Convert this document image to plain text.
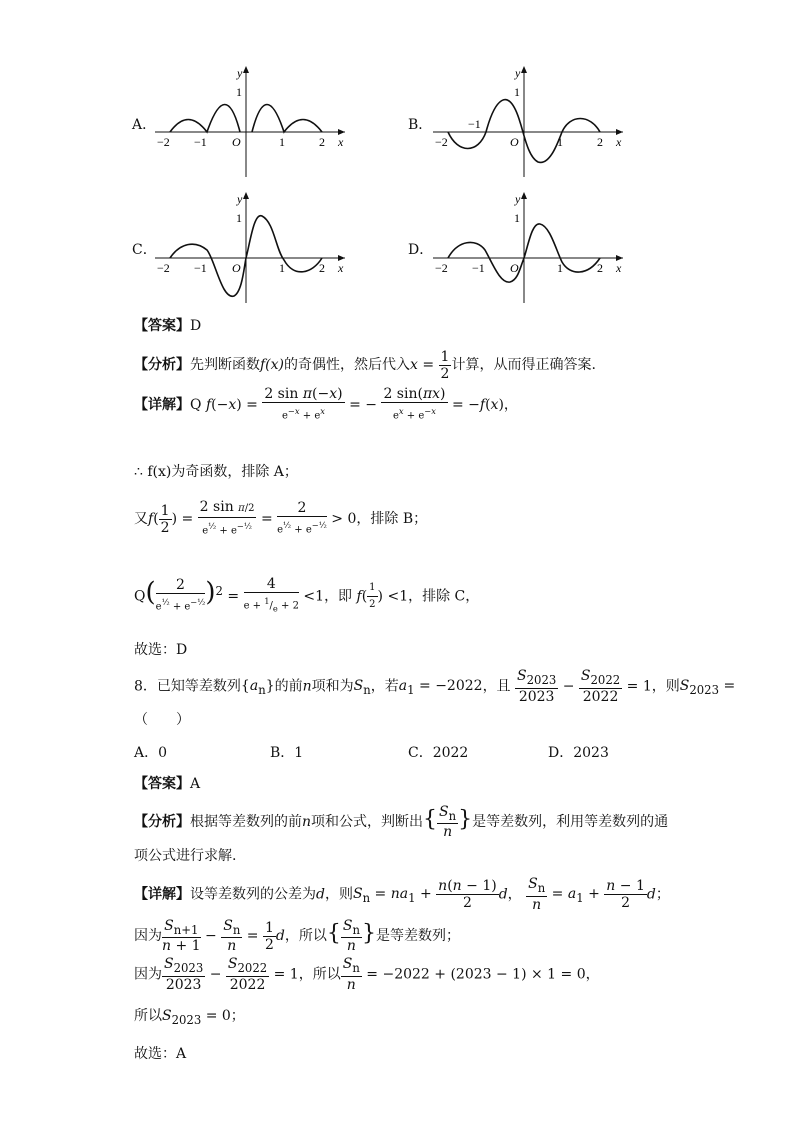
A．	B．
C．	D．
y
x
1
O
−2 −1	1	2
y
x
1
−1
O
−2	1	2
y
x
1
O
−2 −1	1	2
y
x
1
O
−2 −1	1	2
【答案】D
【分析】先判断函数f(x)的奇偶性，然后代入$x = \frac{1}{2}$ 计算，从而得正确答案.
【详解】Q $f(-x) = \frac{\text{2 sin π(−x)}}{e^{-x} + e^x}$ = − $\frac{2 \sin(\pi x)}{e^x + e^{-x}} = -f(x)$，
∴ f(x)为奇函数，排除 A；
又$f( \frac{1}{2}$ ) = $\frac{\text{2 sin π/2}}{e^{\frac{1}{2}} + e^{-\frac{1}{2}}} = \frac{2}{e^{\frac{1}{2}} + e^{-\frac{1}{2}}} > 0$，排除 B；
$Q( \frac{2}{e^{\frac{1}{2}} + e^{-\frac{1}{2}}} )^2 = \frac{4}{e + ^1/_e + 2} <1$，即 $f( \frac{1}{2}$ ) <1，排除 C，
故选：D
8．已知等差数列$\{a_n\}$的前n项和为$S_n$，若$a_1 = -2022$，且 $\frac{S_{2023}}{2023} - \frac{S_{2022}}{2022} = 1$，则$S_{2023}$ =
（　　）
A．0	B．1	C．2022	D．2023
【答案】A
【分析】根据等差数列的前n项和公式，判断出{ $\frac{S_n}{n}$ }是等差数列，利用等差数列的通
项公式进行求解.
【详解】设等差数列的公差为d，则$S_n = na_1 + \frac{n(n - 1)}{2}$ d， $\frac{S_n}{n} = a_1 + \frac{n - 1}{2}$ d；
因为 $\frac{S_{n+1}}{n + 1} - \frac{S_n}{n} = \frac{1}{2}$ d，所以{ $\frac{S_n}{n}$ }是等差数列；
因为 $\frac{S_{2023}}{2023} - \frac{S_{2022}}{2022} = 1$，所以 $\frac{S_n}{n} = -2022 + (2023 - 1) \times 1 = 0$，
所以$S_{2023} = 0$；
故选：A
